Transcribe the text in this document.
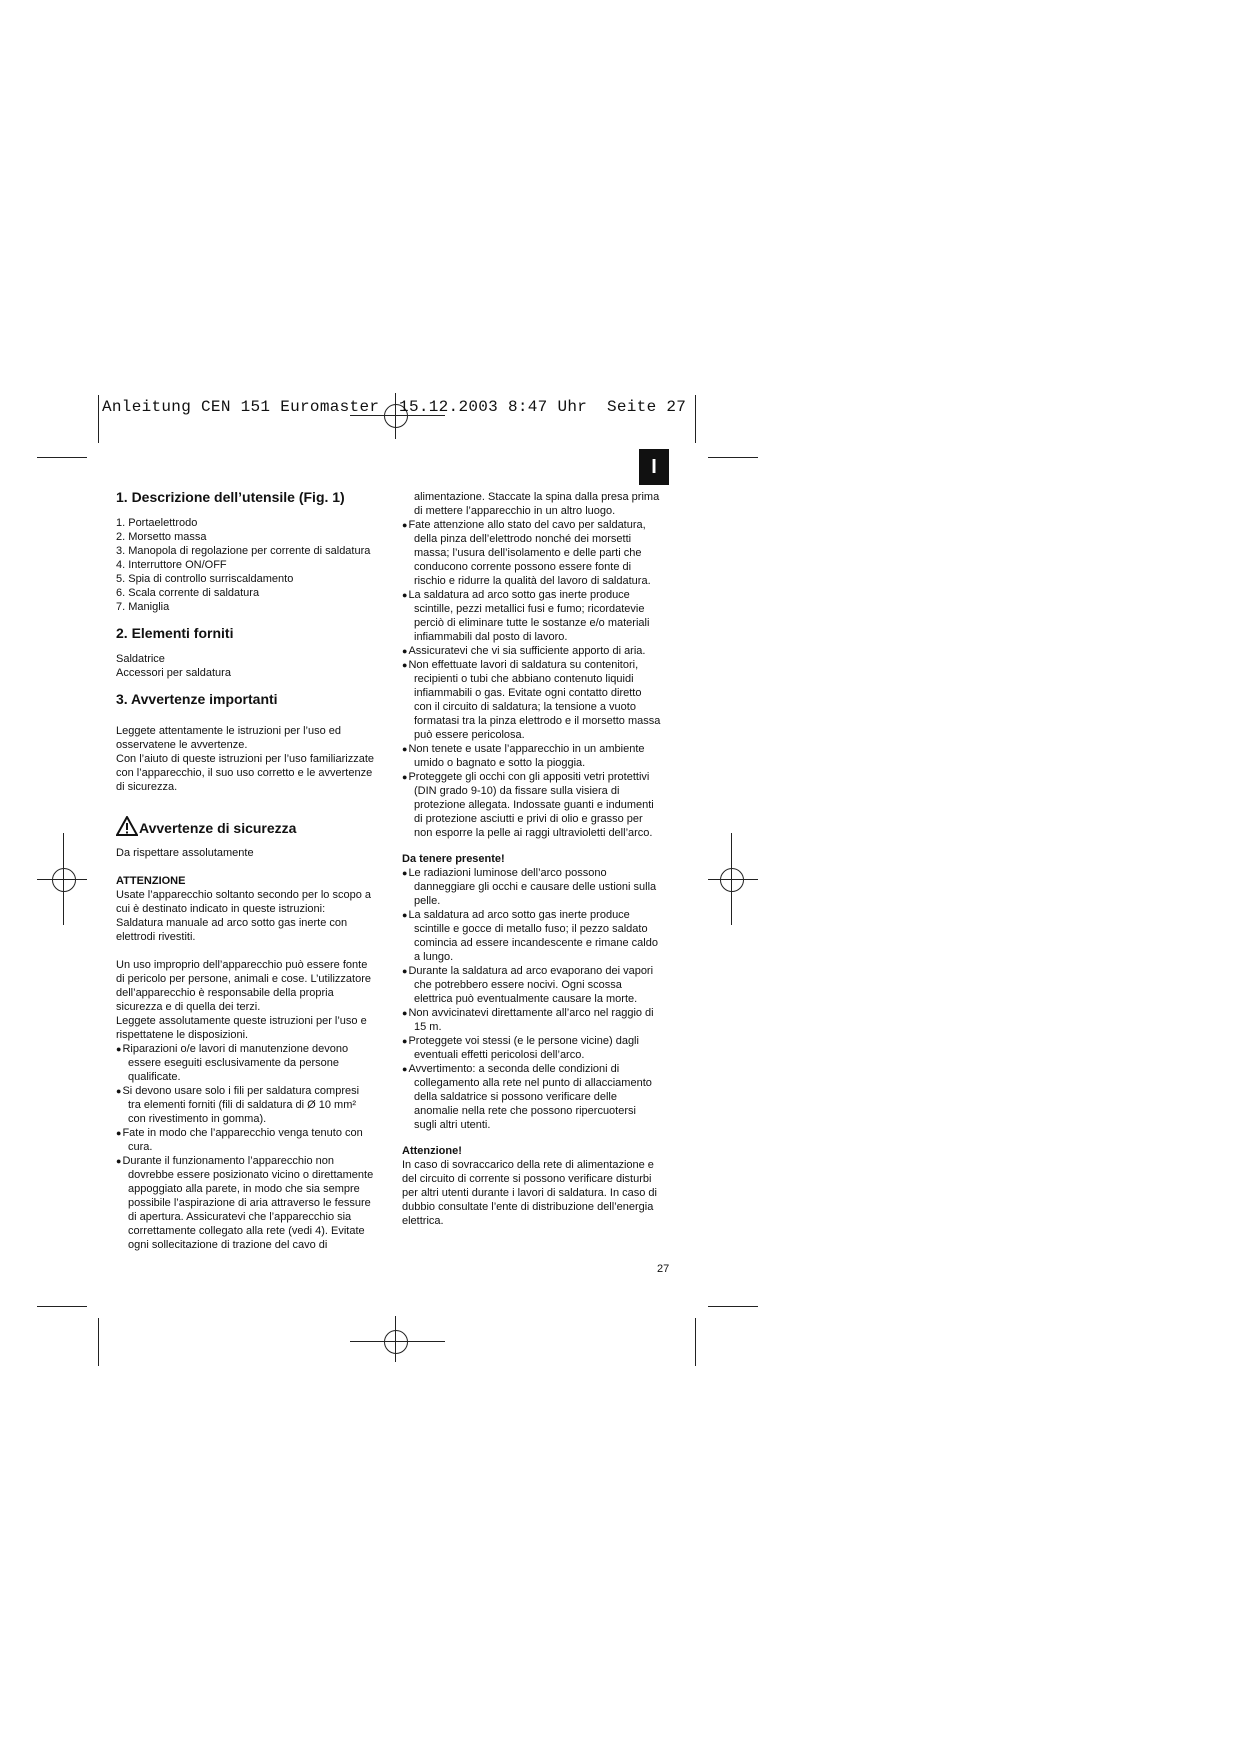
Anleitung CEN 151 Euromaster  15.12.2003 8:47 Uhr  Seite 27
I
1. Descrizione dell’utensile (Fig. 1)
1. Portaelettrodo
2. Morsetto massa
3. Manopola di regolazione per corrente di saldatura
4. Interruttore ON/OFF
5. Spia di controllo surriscaldamento
6. Scala corrente di saldatura
7. Maniglia
2. Elementi forniti
Saldatrice
Accessori per saldatura
3. Avvertenze importanti
Leggete attentamente le istruzioni per l’uso ed
osservatene le avvertenze.
Con l’aiuto di queste istruzioni per l’uso familiarizzate
con l’apparecchio, il suo uso corretto e le avvertenze
di sicurezza.
Avvertenze di sicurezza
Da rispettare assolutamente
ATTENZIONE
Usate l’apparecchio soltanto secondo per lo scopo a
cui è destinato indicato in queste istruzioni:
Saldatura manuale ad arco sotto gas inerte con
elettrodi rivestiti.
Un uso improprio dell’apparecchio può essere fonte
di pericolo per persone, animali e cose. L’utilizzatore
dell’apparecchio è responsabile della propria
sicurezza e di quella dei terzi.
Leggete assolutamente queste istruzioni per l’uso e
rispettatene le disposizioni.
● Riparazioni o/e lavori di manutenzione devono
essere eseguiti esclusivamente da persone
qualificate.
● Si devono usare solo i fili per saldatura compresi
tra elementi forniti (fili di saldatura di Ø 10 mm²
con rivestimento in gomma).
● Fate in modo che l’apparecchio venga tenuto con
cura.
● Durante il funzionamento l’apparecchio non
dovrebbe essere posizionato vicino o direttamente
appoggiato alla parete, in modo che sia sempre
possibile l’aspirazione di aria attraverso le fessure
di apertura. Assicuratevi che l’apparecchio sia
correttamente collegato alla rete (vedi 4). Evitate
ogni sollecitazione di trazione del cavo di
alimentazione. Staccate la spina dalla presa prima
di mettere l’apparecchio in un altro luogo.
● Fate attenzione allo stato del cavo per saldatura,
della pinza dell’elettrodo nonché dei morsetti
massa; l’usura dell’isolamento e delle parti che
conducono corrente possono essere fonte di
rischio e ridurre la qualità del lavoro di saldatura.
● La saldatura ad arco sotto gas inerte produce
scintille, pezzi metallici fusi e fumo; ricordatevie
perciò di eliminare tutte le sostanze e/o materiali
infiammabili dal posto di lavoro.
● Assicuratevi che vi sia sufficiente apporto di aria.
● Non effettuate lavori di saldatura su contenitori,
recipienti o tubi che abbiano contenuto liquidi
infiammabili o gas. Evitate ogni contatto diretto
con il circuito di saldatura; la tensione a vuoto
formatasi tra la pinza elettrodo e il morsetto massa
può essere pericolosa.
● Non tenete e usate l’apparecchio in un ambiente
umido o bagnato e sotto la pioggia.
● Proteggete gli occhi con gli appositi vetri protettivi
(DIN grado 9-10) da fissare sulla visiera di
protezione allegata. Indossate guanti e indumenti
di protezione asciutti e privi di olio e grasso per
non esporre la pelle ai raggi ultravioletti dell’arco.
Da tenere presente!
● Le radiazioni luminose dell’arco possono
danneggiare gli occhi e causare delle ustioni sulla
pelle.
● La saldatura ad arco sotto gas inerte produce
scintille e gocce di metallo fuso; il pezzo saldato
comincia ad essere incandescente e rimane caldo
a lungo.
● Durante la saldatura ad arco evaporano dei vapori
che potrebbero essere nocivi. Ogni scossa
elettrica può eventualmente causare la morte.
● Non avvicinatevi direttamente all’arco nel raggio di
15 m.
● Proteggete voi stessi (e le persone vicine) dagli
eventuali effetti pericolosi dell’arco.
● Avvertimento: a seconda delle condizioni di
collegamento alla rete nel punto di allacciamento
della saldatrice si possono verificare delle
anomalie nella rete che possono ripercuotersi
sugli altri utenti.
Attenzione!
In caso di sovraccarico della rete di alimentazione e
del circuito di corrente si possono verificare disturbi
per altri utenti durante i lavori di saldatura. In caso di
dubbio consultate l’ente di distribuzione dell’energia
elettrica.
27
